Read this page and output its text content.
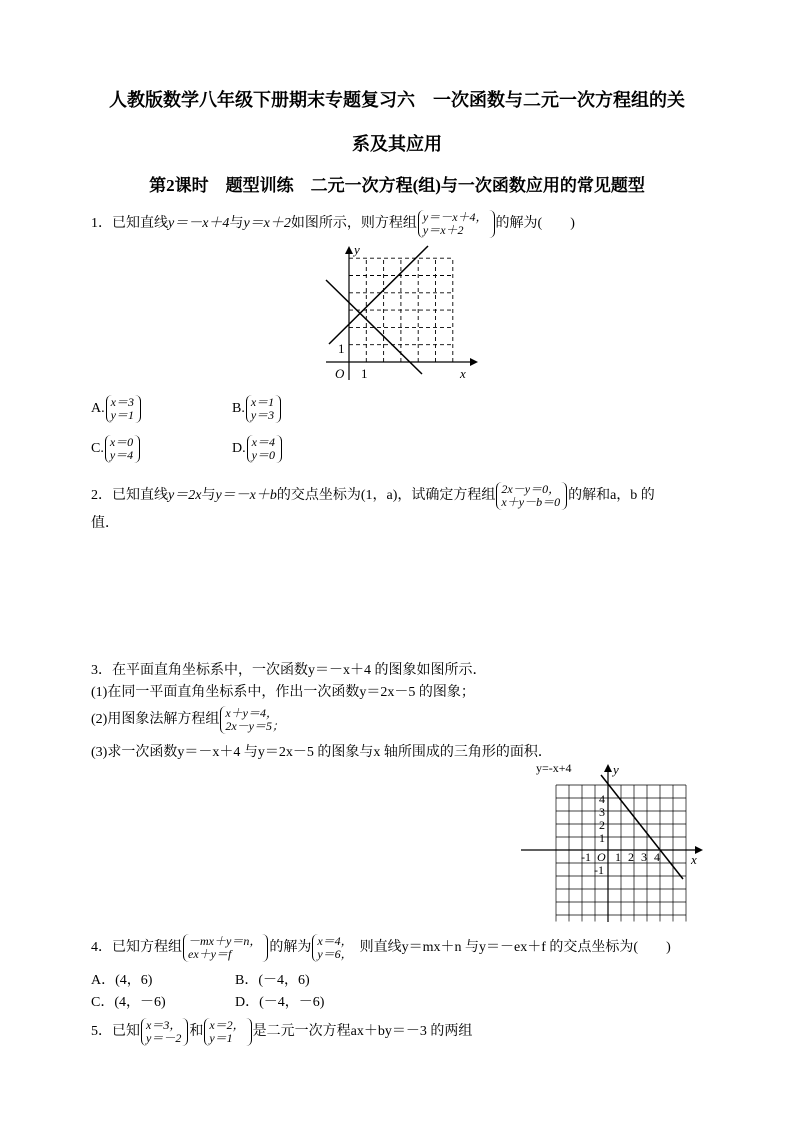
人教版数学八年级下册期末专题复习六　一次函数与二元一次方程组的关
系及其应用
第2课时　题型训练　二元一次方程(组)与一次函数应用的常见题型
1．已知直线y＝－x＋4与y＝x＋2如图所示，则方程组 y＝－x＋4，
y＝x＋2	的解为(　　)
y
x
O 1
1
A. x＝3
y＝1	B. x＝1
y＝3
C. x＝0
y＝4	D. x＝4
y＝0
2．已知直线y＝2x与y＝－x＋b的交点坐标为(1，a)，试确定方程组 2x－y＝0，
x＋y－b＝0 的解和a，b 的
值．
3．在平面直角坐标系中，一次函数y＝－x＋4 的图象如图所示．
(1)在同一平面直角坐标系中，作出一次函数y＝2x－5 的图象；
(2)用图象法解方程组 x＋y＝4，
2x－y＝5；
(3)求一次函数y＝－x＋4 与y＝2x－5 的图象与x 轴所围成的三角形的面积．
y=-x+4	y
x
O
-1 1 2 3 4
4
3
2
1
-1
4．已知方程组 －mx＋y＝n，
ex＋y＝f	的解为 x＝4，
y＝6， 则直线y＝mx＋n 与y＝－ex＋f 的交点坐标为(　　)
A．(4，6)	B．(－4，6)
C．(4，－6)	D．(－4，－6)
5．已知 x＝3，
y＝－2 和 x＝2，
y＝1	是二元一次方程ax＋by＝－3 的两组
